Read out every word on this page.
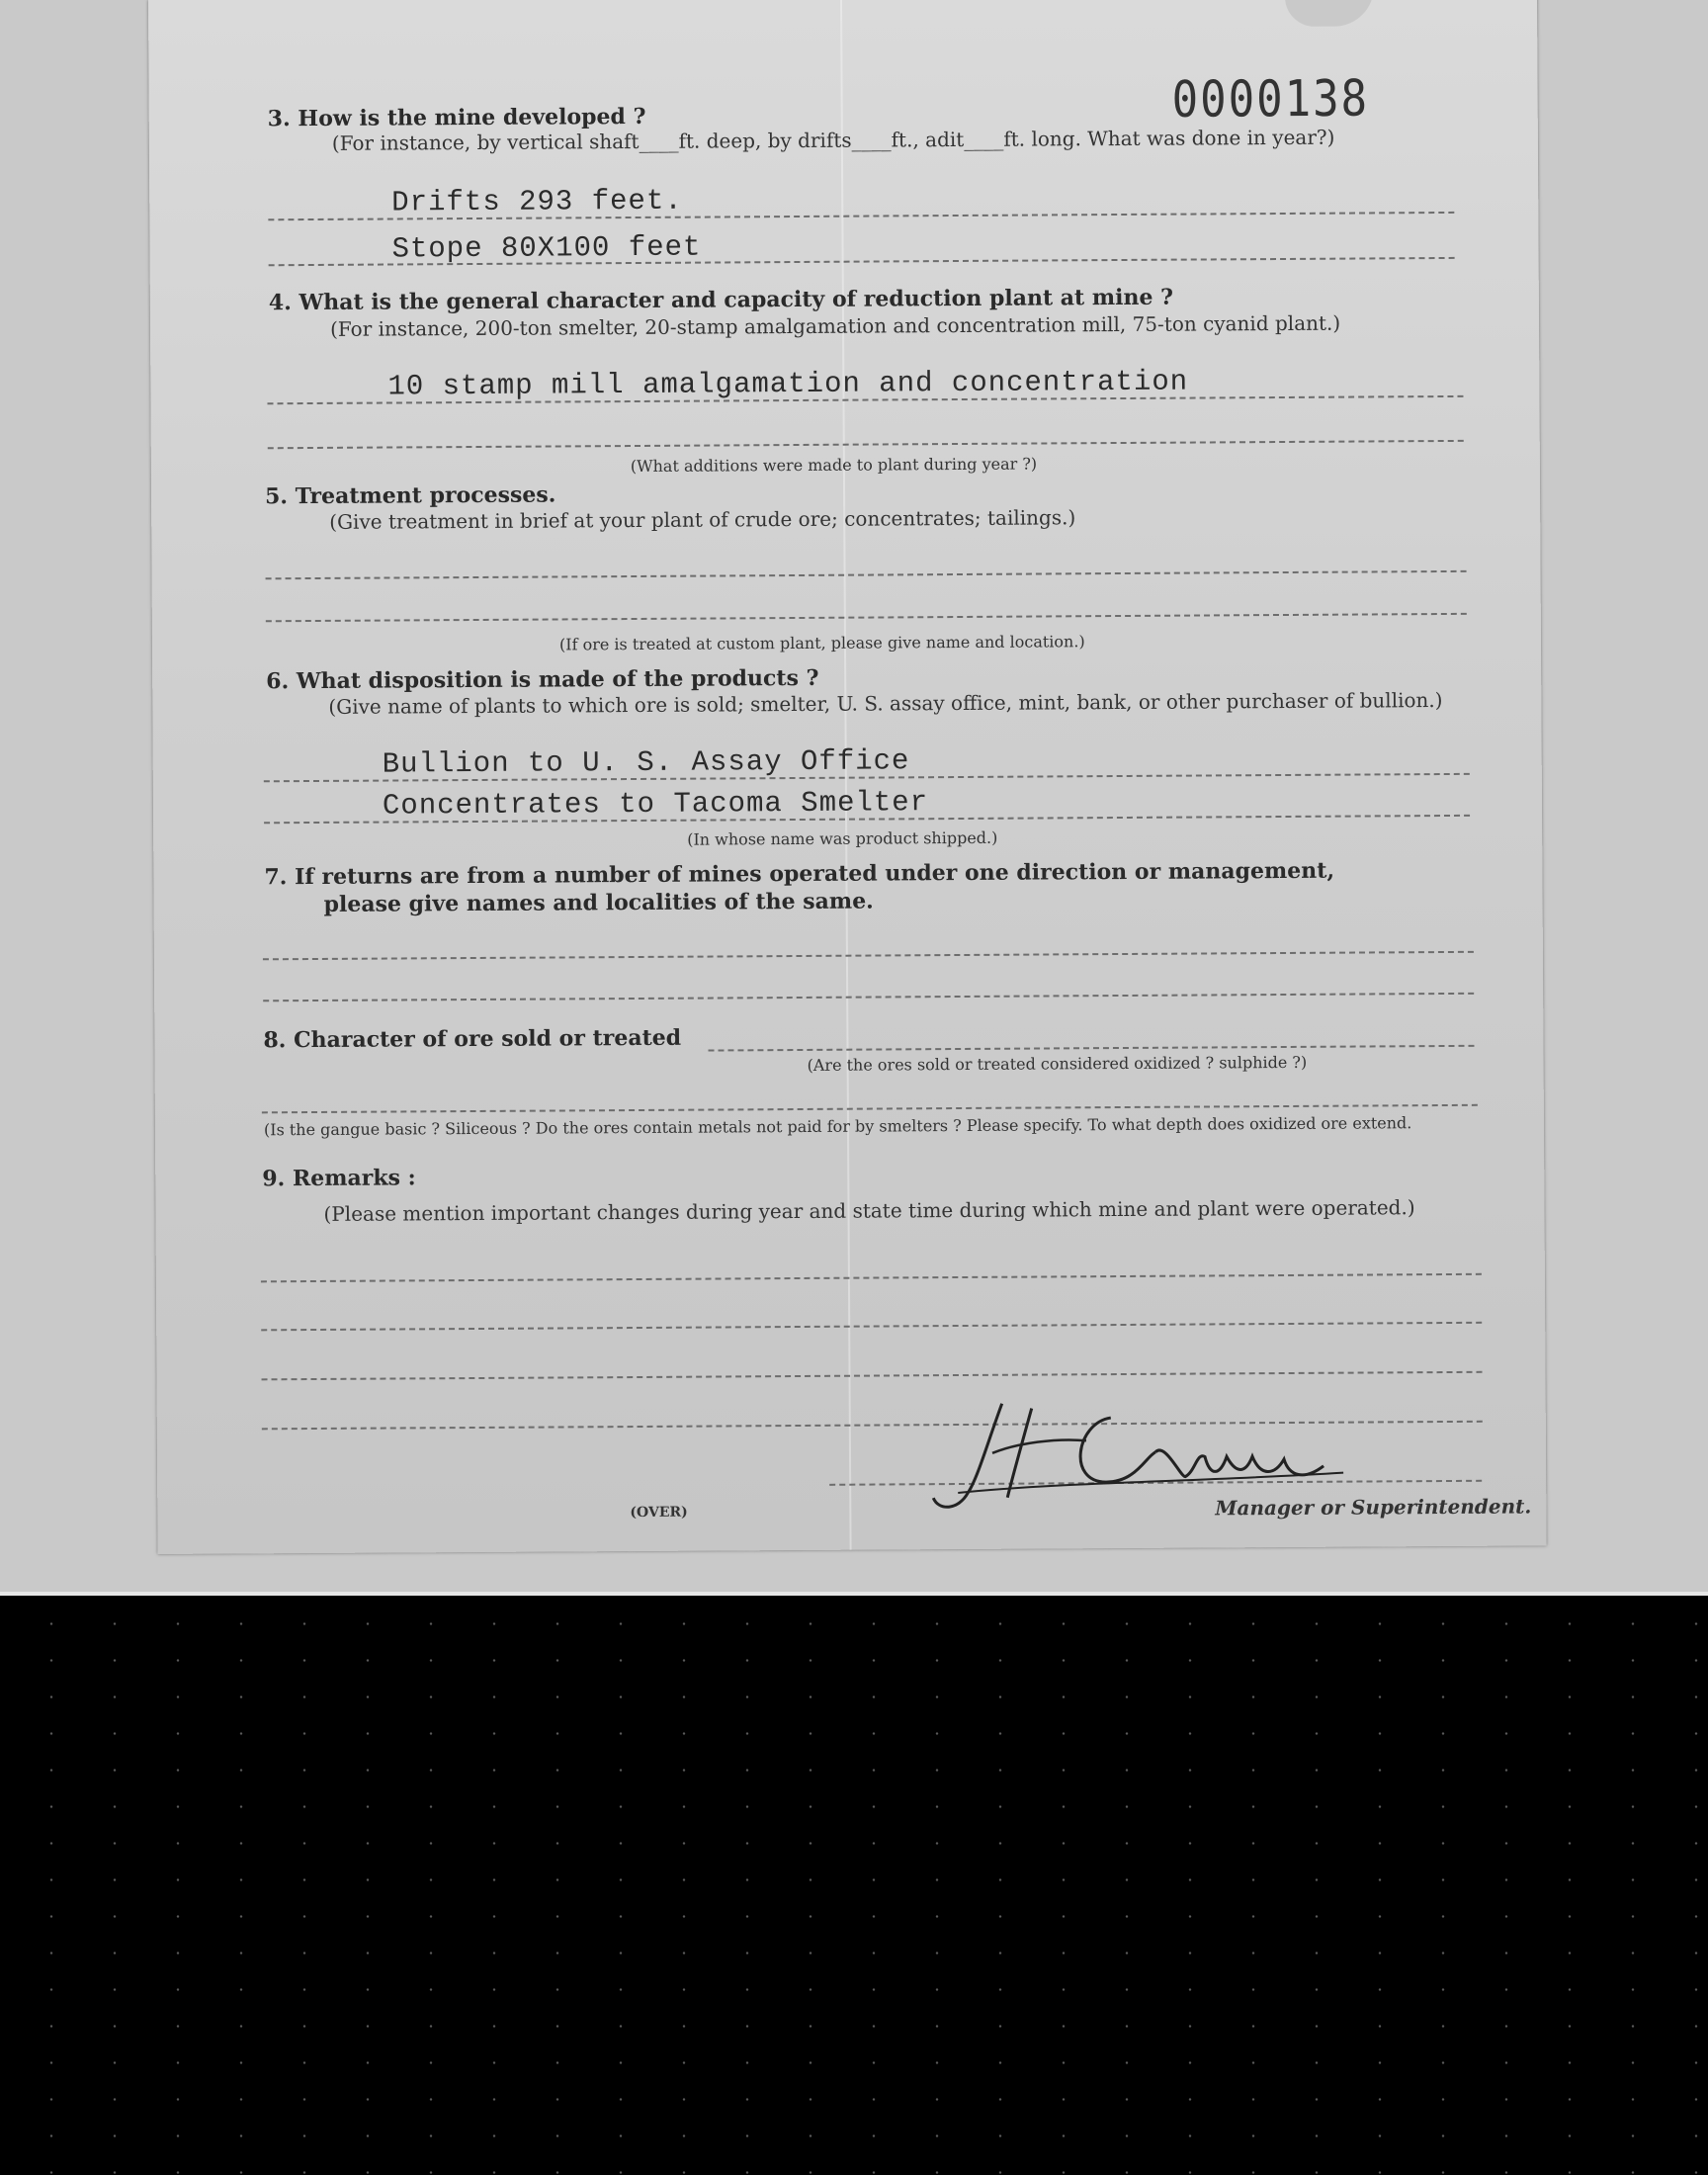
0000138
3. How is the mine developed ?
(For instance, by vertical shaft____ft. deep, by drifts____ft., adit____ft. long. What was done in year?)
Drifts 293 feet.
Stope 80X100 feet
4. What is the general character and capacity of reduction plant at mine ?
(For instance, 200-ton smelter, 20-stamp amalgamation and concentration mill, 75-ton cyanid plant.)
10 stamp mill amalgamation and concentration
(What additions were made to plant during year ?)
5. Treatment processes.
(Give treatment in brief at your plant of crude ore; concentrates; tailings.)
(If ore is treated at custom plant, please give name and location.)
6. What disposition is made of the products ?
(Give name of plants to which ore is sold; smelter, U. S. assay office, mint, bank, or other purchaser of bullion.)
Bullion to U. S. Assay Office
Concentrates to Tacoma Smelter
(In whose name was product shipped.)
7. If returns are from a number of mines operated under one direction or management,
please give names and localities of the same.
8. Character of ore sold or treated
(Are the ores sold or treated considered oxidized ? sulphide ?)
(Is the gangue basic ? Siliceous ? Do the ores contain metals not paid for by smelters ? Please specify. To what depth does oxidized ore extend.
9. Remarks :
(Please mention important changes during year and state time during which mine and plant were operated.)
(OVER)	Manager or Superintendent.
